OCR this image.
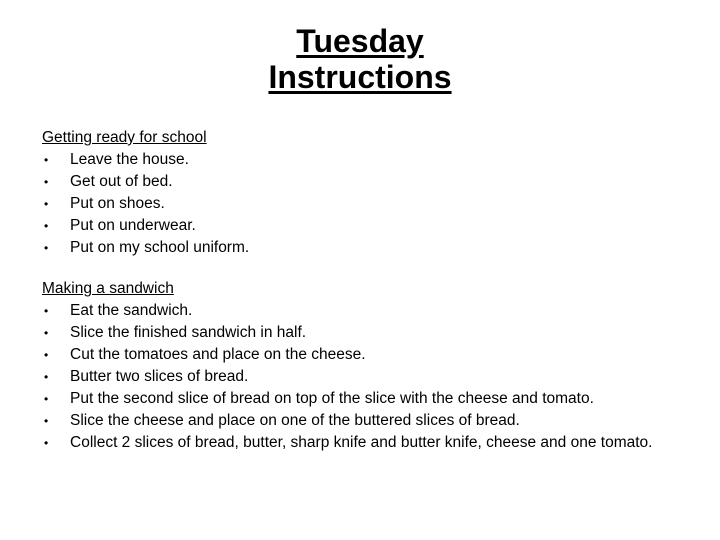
Tuesday
Instructions
Getting ready for school
• Leave the house.
• Get out of bed.
• Put on shoes.
• Put on underwear.
• Put on my school uniform.
Making a sandwich
• Eat the sandwich.
• Slice the finished sandwich in half.
• Cut the tomatoes and place on the cheese.
• Butter two slices of bread.
• Put the second slice of bread on top of the slice with the cheese and tomato.
• Slice the cheese and place on one of the buttered slices of bread.
• Collect 2 slices of bread, butter, sharp knife and butter knife, cheese and one tomato.
